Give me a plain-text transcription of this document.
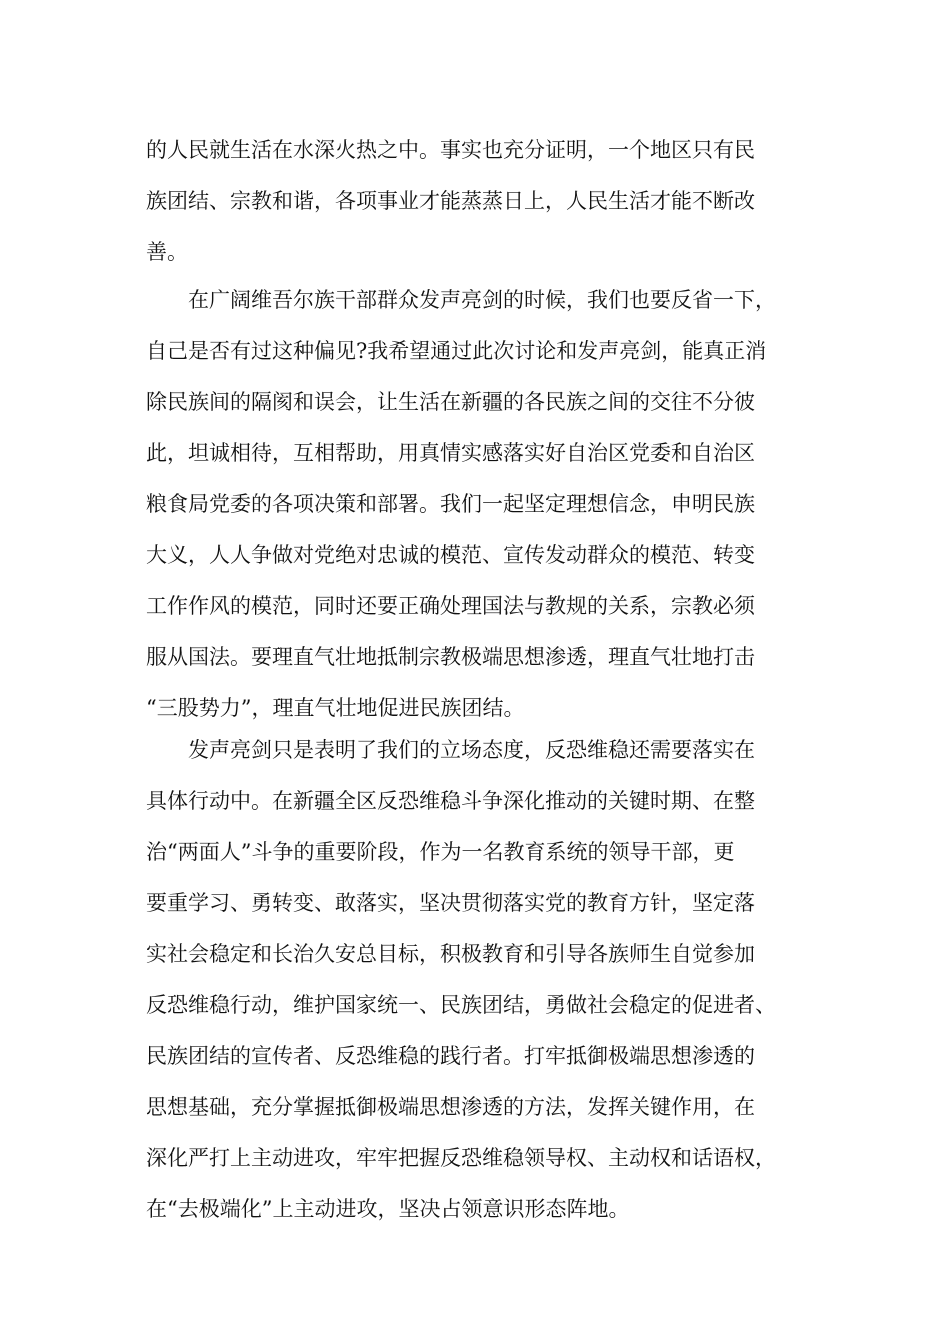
的人民就生活在水深火热之中。事实也充分证明，一个地区只有民
族团结、宗教和谐，各项事业才能蒸蒸日上，人民生活才能不断改
善。
在广阔维吾尔族干部群众发声亮剑的时候，我们也要反省一下，
自己是否有过这种偏见?我希望通过此次讨论和发声亮剑，能真正消
除民族间的隔阂和误会，让生活在新疆的各民族之间的交往不分彼
此，坦诚相待，互相帮助，用真情实感落实好自治区党委和自治区
粮食局党委的各项决策和部署。我们一起坚定理想信念，申明民族
大义，人人争做对党绝对忠诚的模范、宣传发动群众的模范、转变
工作作风的模范，同时还要正确处理国法与教规的关系，宗教必须
服从国法。要理直气壮地抵制宗教极端思想渗透，理直气壮地打击
“三股势力”，理直气壮地促进民族团结。
发声亮剑只是表明了我们的立场态度，反恐维稳还需要落实在
具体行动中。在新疆全区反恐维稳斗争深化推动的关键时期、在整
治“两面人”斗争的重要阶段，作为一名教育系统的领导干部，更
要重学习、勇转变、敢落实，坚决贯彻落实党的教育方针，坚定落
实社会稳定和长治久安总目标，积极教育和引导各族师生自觉参加
反恐维稳行动，维护国家统一、民族团结，勇做社会稳定的促进者、
民族团结的宣传者、反恐维稳的践行者。打牢抵御极端思想渗透的
思想基础，充分掌握抵御极端思想渗透的方法，发挥关键作用，在
深化严打上主动进攻，牢牢把握反恐维稳领导权、主动权和话语权，
在“去极端化”上主动进攻，坚决占领意识形态阵地。
